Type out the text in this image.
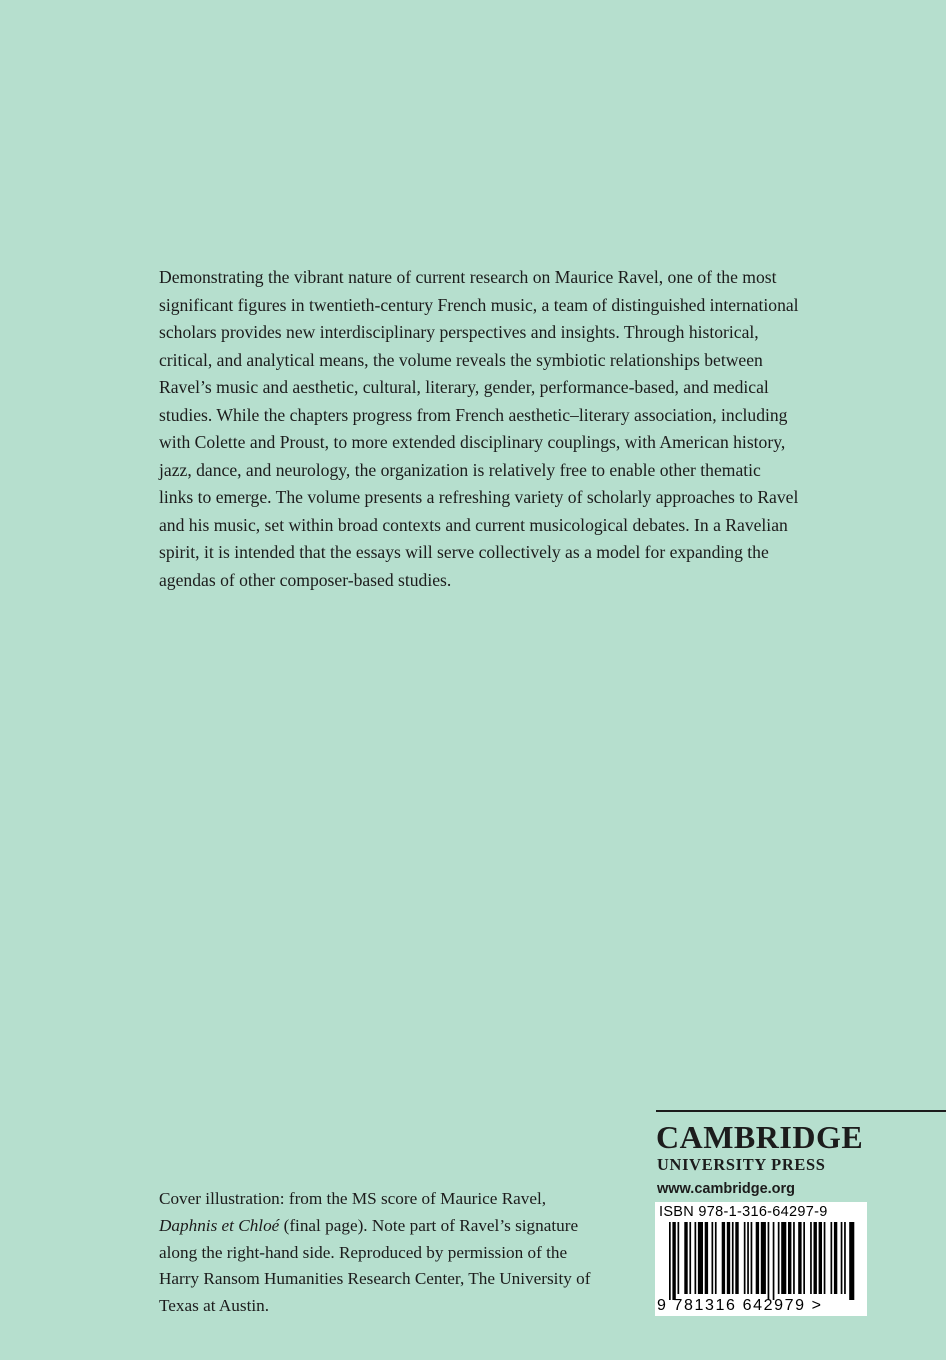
Demonstrating the vibrant nature of current research on Maurice Ravel, one of the most significant figures in twentieth-century French music, a team of distinguished international scholars provides new interdisciplinary perspectives and insights. Through historical, critical, and analytical means, the volume reveals the symbiotic relationships between Ravel’s music and aesthetic, cultural, literary, gender, performance-based, and medical studies. While the chapters progress from French aesthetic–literary association, including with Colette and Proust, to more extended disciplinary couplings, with American history, jazz, dance, and neurology, the organization is relatively free to enable other thematic links to emerge. The volume presents a refreshing variety of scholarly approaches to Ravel and his music, set within broad contexts and current musicological debates. In a Ravelian spirit, it is intended that the essays will serve collectively as a model for expanding the agendas of other composer-based studies.

Cover illustration: from the MS score of Maurice Ravel,
Daphnis et Chloé (final page). Note part of Ravel’s signature along the right-hand side. Reproduced by permission of the Harry Ransom Humanities Research Center, The University of Texas at Austin.

CAMBRIDGE
UNIVERSITY PRESS
www.cambridge.org
ISBN 978-1-316-64297-9
9 781316 642979 >
